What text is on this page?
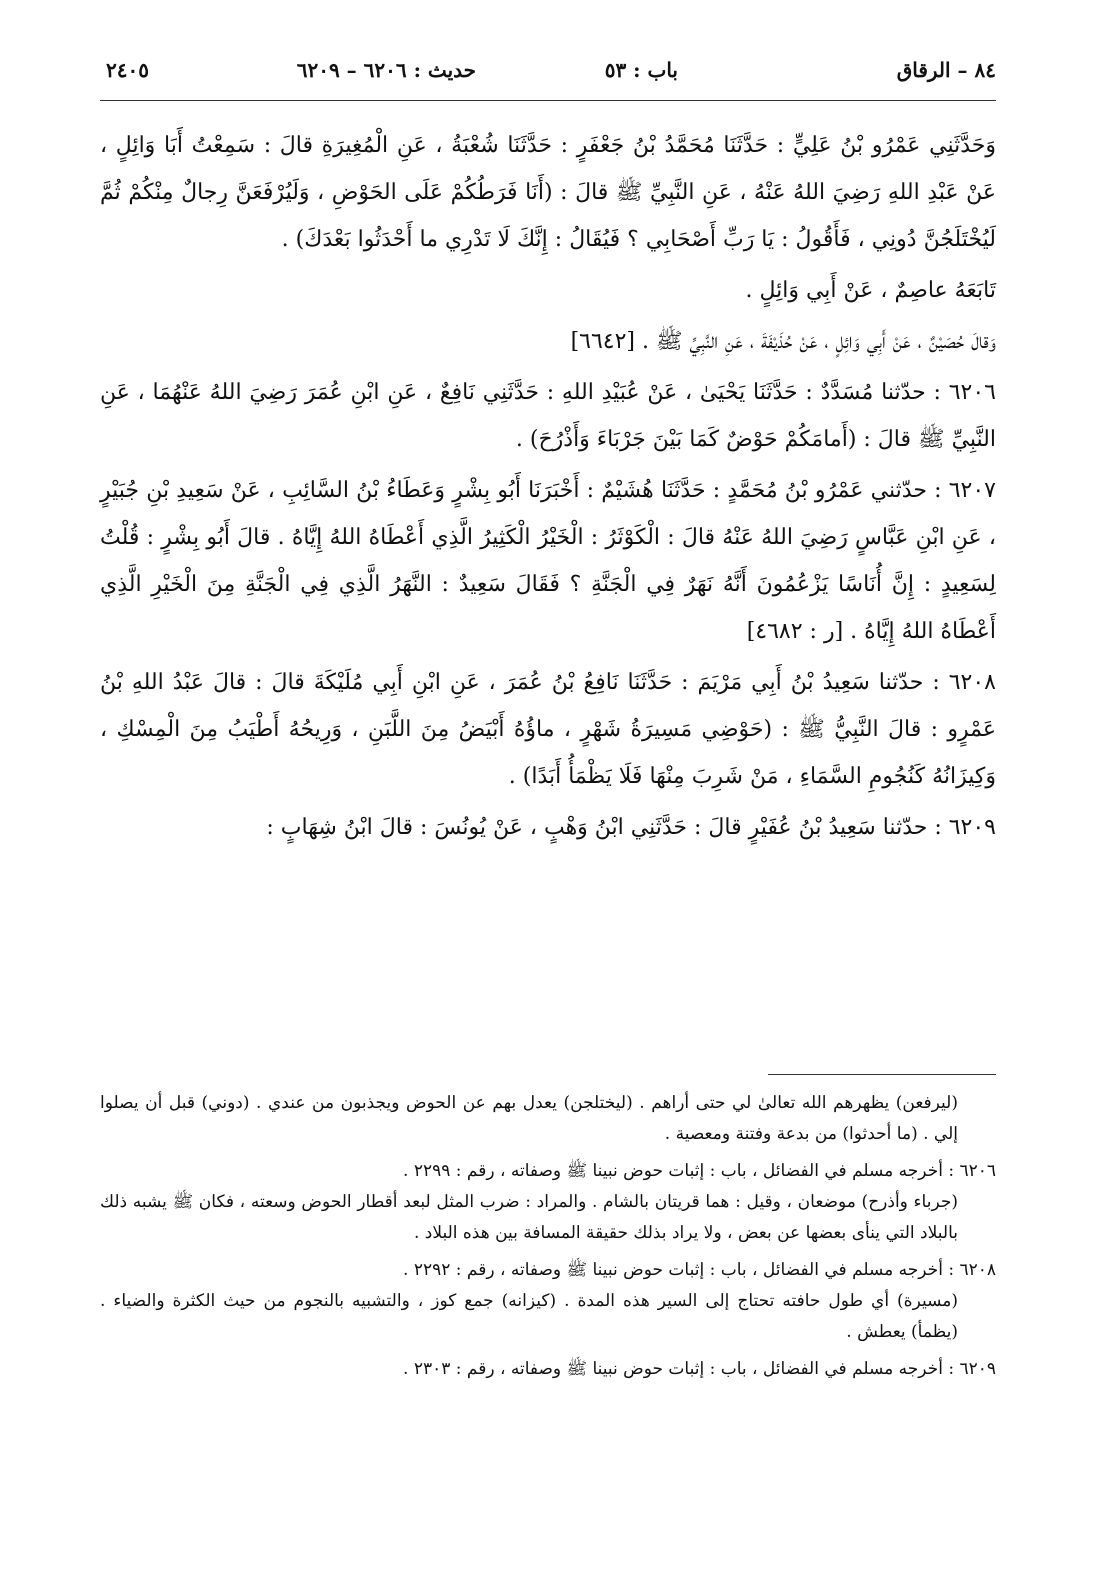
٨٤ – الرقاق
باب : ٥٣
حديث : ٦٢٠٦ – ٦٢٠٩
٢٤٠٥

وَحَدَّثَنِي عَمْرُو بْنُ عَلِيٍّ : حَدَّثَنَا مُحَمَّدُ بْنُ جَعْفَرٍ : حَدَّثَنَا شُعْبَةُ ، عَنِ الْمُغِيرَةِ قالَ : سَمِعْتُ أَبَا وَائِلٍ ، عَنْ عَبْدِ اللهِ رَضِيَ اللهُ عَنْهُ ، عَنِ النَّبِيِّ ﷺ قالَ : (أَنَا فَرَطُكُمْ عَلَى الحَوْضِ ، وَلَيُرْفَعَنَّ رِجالٌ مِنْكُمْ ثُمَّ لَيُخْتَلَجُنَّ دُونِي ، فَأَقُولُ : يَا رَبِّ أَصْحَابِي ؟ فَيُقَالُ : إِنَّكَ لَا تَدْرِي ما أَحْدَثُوا بَعْدَكَ) .

تَابَعَهُ عاصِمٌ ، عَنْ أَبِي وَائِلٍ .

وَقالَ حُصَيْنٌ ، عَنْ أَبِي وَائِلٍ ، عَنْ حُذَيْفَةَ ، عَنِ النَّبِيِّ ﷺ . [٦٦٤٢]

٦٢٠٦ : حدّثنا مُسَدَّدٌ : حَدَّثَنَا يَحْيَىٰ ، عَنْ عُبَيْدِ اللهِ : حَدَّثَنِي نَافِعٌ ، عَنِ ابْنِ عُمَرَ رَضِيَ اللهُ عَنْهُمَا ، عَنِ النَّبِيِّ ﷺ قالَ : (أَمامَكُمْ حَوْضٌ كَمَا بَيْنَ جَرْبَاءَ وَأَذْرُحَ) .

٦٢٠٧ : حدّثني عَمْرُو بْنُ مُحَمَّدٍ : حَدَّثَنَا هُشَيْمٌ : أَخْبَرَنَا أَبُو بِشْرٍ وَعَطَاءُ بْنُ السَّائِبِ ، عَنْ سَعِيدِ بْنِ جُبَيْرٍ ، عَنِ ابْنِ عَبَّاسٍ رَضِيَ اللهُ عَنْهُ قالَ : الْكَوْثَرُ : الْخَيْرُ الْكَثِيرُ الَّذِي أَعْطَاهُ اللهُ إِيَّاهُ . قالَ أَبُو بِشْرٍ : قُلْتُ لِسَعِيدٍ : إِنَّ أُنَاسًا يَزْعُمُونَ أَنَّهُ نَهَرٌ فِي الْجَنَّةِ ؟ فَقَالَ سَعِيدٌ : النَّهَرُ الَّذِي فِي الْجَنَّةِ مِنَ الْخَيْرِ الَّذِي أَعْطَاهُ اللهُ إِيَّاهُ . [ر : ٤٦٨٢]

٦٢٠٨ : حدّثنا سَعِيدُ بْنُ أَبِي مَرْيَمَ : حَدَّثَنَا نَافِعُ بْنُ عُمَرَ ، عَنِ ابْنِ أَبِي مُلَيْكَةَ قالَ : قالَ عَبْدُ اللهِ بْنُ عَمْرٍو : قالَ النَّبِيُّ ﷺ : (حَوْضِي مَسِيرَةُ شَهْرٍ ، ماؤُهُ أَبْيَضُ مِنَ اللَّبَنِ ، وَرِيحُهُ أَطْيَبُ مِنَ الْمِسْكِ ، وَكِيزَانُهُ كَنُجُومِ السَّمَاءِ ، مَنْ شَرِبَ مِنْهَا فَلَا يَظْمَأُ أَبَدًا) .

٦٢٠٩ : حدّثنا سَعِيدُ بْنُ عُفَيْرٍ قالَ : حَدَّثَنِي ابْنُ وَهْبٍ ، عَنْ يُونُسَ : قالَ ابْنُ شِهَابٍ :

(ليرفعن) يظهرهم الله تعالىٰ لي حتى أراهم . (ليختلجن) يعدل بهم عن الحوض ويجذبون من عندي . (دوني) قبل أن يصلوا إلي . (ما أحدثوا) من بدعة وفتنة ومعصية .

٦٢٠٦ : أخرجه مسلم في الفضائل ، باب : إثبات حوض نبينا ﷺ وصفاته ، رقم : ٢٢٩٩ .

(جرباء وأذرح) موضعان ، وقيل : هما قريتان بالشام . والمراد : ضرب المثل لبعد أقطار الحوض وسعته ، فكان ﷺ يشبه ذلك بالبلاد التي ينأى بعضها عن بعض ، ولا يراد بذلك حقيقة المسافة بين هذه البلاد .

٦٢٠٨ : أخرجه مسلم في الفضائل ، باب : إثبات حوض نبينا ﷺ وصفاته ، رقم : ٢٢٩٢ .

(مسيرة) أي طول حافته تحتاج إلى السير هذه المدة . (كيزانه) جمع كوز ، والتشبيه بالنجوم من حيث الكثرة والضياء . (يظمأ) يعطش .

٦٢٠٩ : أخرجه مسلم في الفضائل ، باب : إثبات حوض نبينا ﷺ وصفاته ، رقم : ٢٣٠٣ .
